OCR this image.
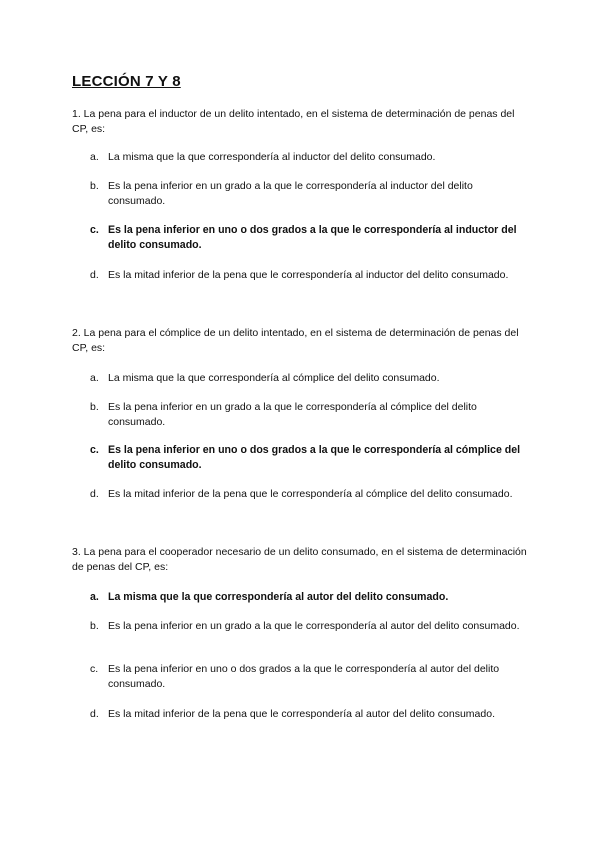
LECCIÓN 7 Y 8
1. La pena para el inductor de un delito intentado, en el sistema de determinación de penas del CP, es:
a. La misma que la que correspondería al inductor del delito consumado.
b. Es la pena inferior en un grado a la que le correspondería al inductor del delito consumado.
c. Es la pena inferior en uno o dos grados a la que le correspondería al inductor del delito consumado.
d. Es la mitad inferior de la pena que le correspondería al inductor del delito consumado.
2. La pena para el cómplice de un delito intentado, en el sistema de determinación de penas del CP, es:
a. La misma que la que correspondería al cómplice del delito consumado.
b. Es la pena inferior en un grado a la que le correspondería al cómplice del delito consumado.
c. Es la pena inferior en uno o dos grados a la que le correspondería al cómplice del delito consumado.
d. Es la mitad inferior de la pena que le correspondería al cómplice del delito consumado.
3. La pena para el cooperador necesario de un delito consumado, en el sistema de determinación de penas del CP, es:
a. La misma que la que correspondería al autor del delito consumado.
b. Es la pena inferior en un grado a la que le correspondería al autor del delito consumado.
c. Es la pena inferior en uno o dos grados a la que le correspondería al autor del delito consumado.
d. Es la mitad inferior de la pena que le correspondería al autor del delito consumado.
